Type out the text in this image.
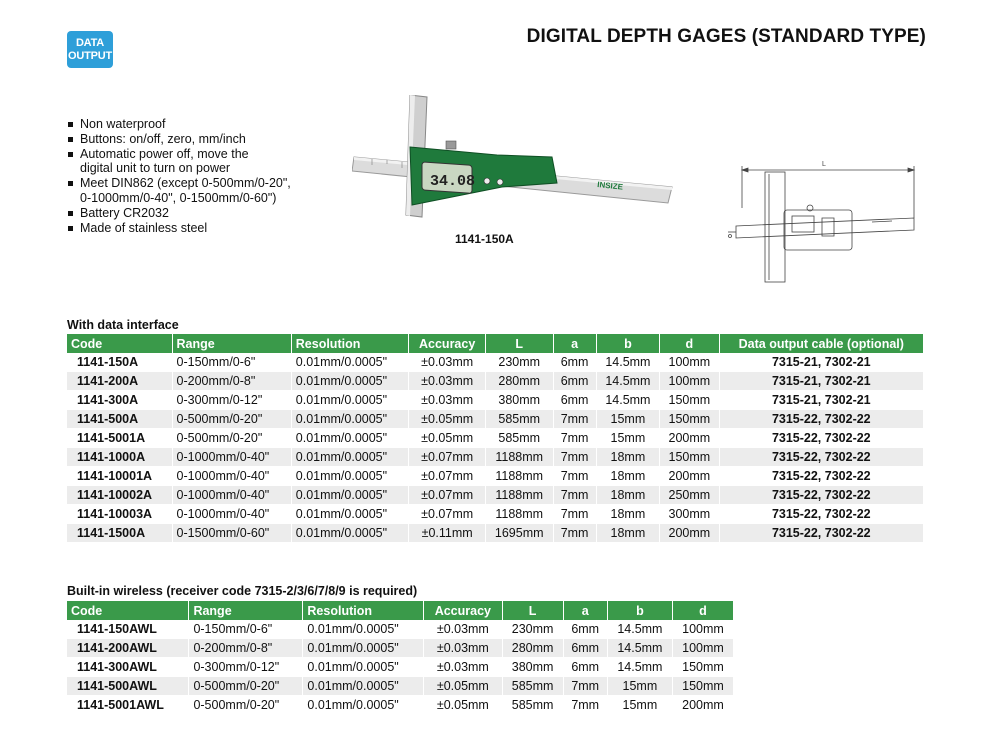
DATA
OUTPUT
DIGITAL DEPTH GAGES (STANDARD TYPE)
Non waterproof
Buttons: on/off, zero, mm/inch
Automatic power off, move the
digital unit to turn on power
Meet DIN862 (except 0-500mm/0-20",
0-1000mm/0-40", 0-1500mm/0-60")
Battery CR2032
Made of stainless steel
34.08	INSIZE
1141-150A
L
With data interface
Code	Range	Resolution	Accuracy	L	a	b	d	Data output cable (optional)
1141-150A	0-150mm/0-6"	0.01mm/0.0005"	±0.03mm	230mm	6mm	14.5mm	100mm	7315-21, 7302-21
1141-200A	0-200mm/0-8"	0.01mm/0.0005"	±0.03mm	280mm	6mm	14.5mm	100mm	7315-21, 7302-21
1141-300A	0-300mm/0-12"	0.01mm/0.0005"	±0.03mm	380mm	6mm	14.5mm	150mm	7315-21, 7302-21
1141-500A	0-500mm/0-20"	0.01mm/0.0005"	±0.05mm	585mm	7mm	15mm	150mm	7315-22, 7302-22
1141-5001A	0-500mm/0-20"	0.01mm/0.0005"	±0.05mm	585mm	7mm	15mm	200mm	7315-22, 7302-22
1141-1000A	0-1000mm/0-40"	0.01mm/0.0005"	±0.07mm	1188mm	7mm	18mm	150mm	7315-22, 7302-22
1141-10001A	0-1000mm/0-40"	0.01mm/0.0005"	±0.07mm	1188mm	7mm	18mm	200mm	7315-22, 7302-22
1141-10002A	0-1000mm/0-40"	0.01mm/0.0005"	±0.07mm	1188mm	7mm	18mm	250mm	7315-22, 7302-22
1141-10003A	0-1000mm/0-40"	0.01mm/0.0005"	±0.07mm	1188mm	7mm	18mm	300mm	7315-22, 7302-22
1141-1500A	0-1500mm/0-60"	0.01mm/0.0005"	±0.11mm	1695mm	7mm	18mm	200mm	7315-22, 7302-22
Built-in wireless (receiver code 7315-2/3/6/7/8/9 is required)
Code	Range	Resolution	Accuracy	L	a	b	d
1141-150AWL	0-150mm/0-6"	0.01mm/0.0005"	±0.03mm	230mm	6mm	14.5mm	100mm
1141-200AWL	0-200mm/0-8"	0.01mm/0.0005"	±0.03mm	280mm	6mm	14.5mm	100mm
1141-300AWL	0-300mm/0-12"	0.01mm/0.0005"	±0.03mm	380mm	6mm	14.5mm	150mm
1141-500AWL	0-500mm/0-20"	0.01mm/0.0005"	±0.05mm	585mm	7mm	15mm	150mm
1141-5001AWL	0-500mm/0-20"	0.01mm/0.0005"	±0.05mm	585mm	7mm	15mm	200mm
